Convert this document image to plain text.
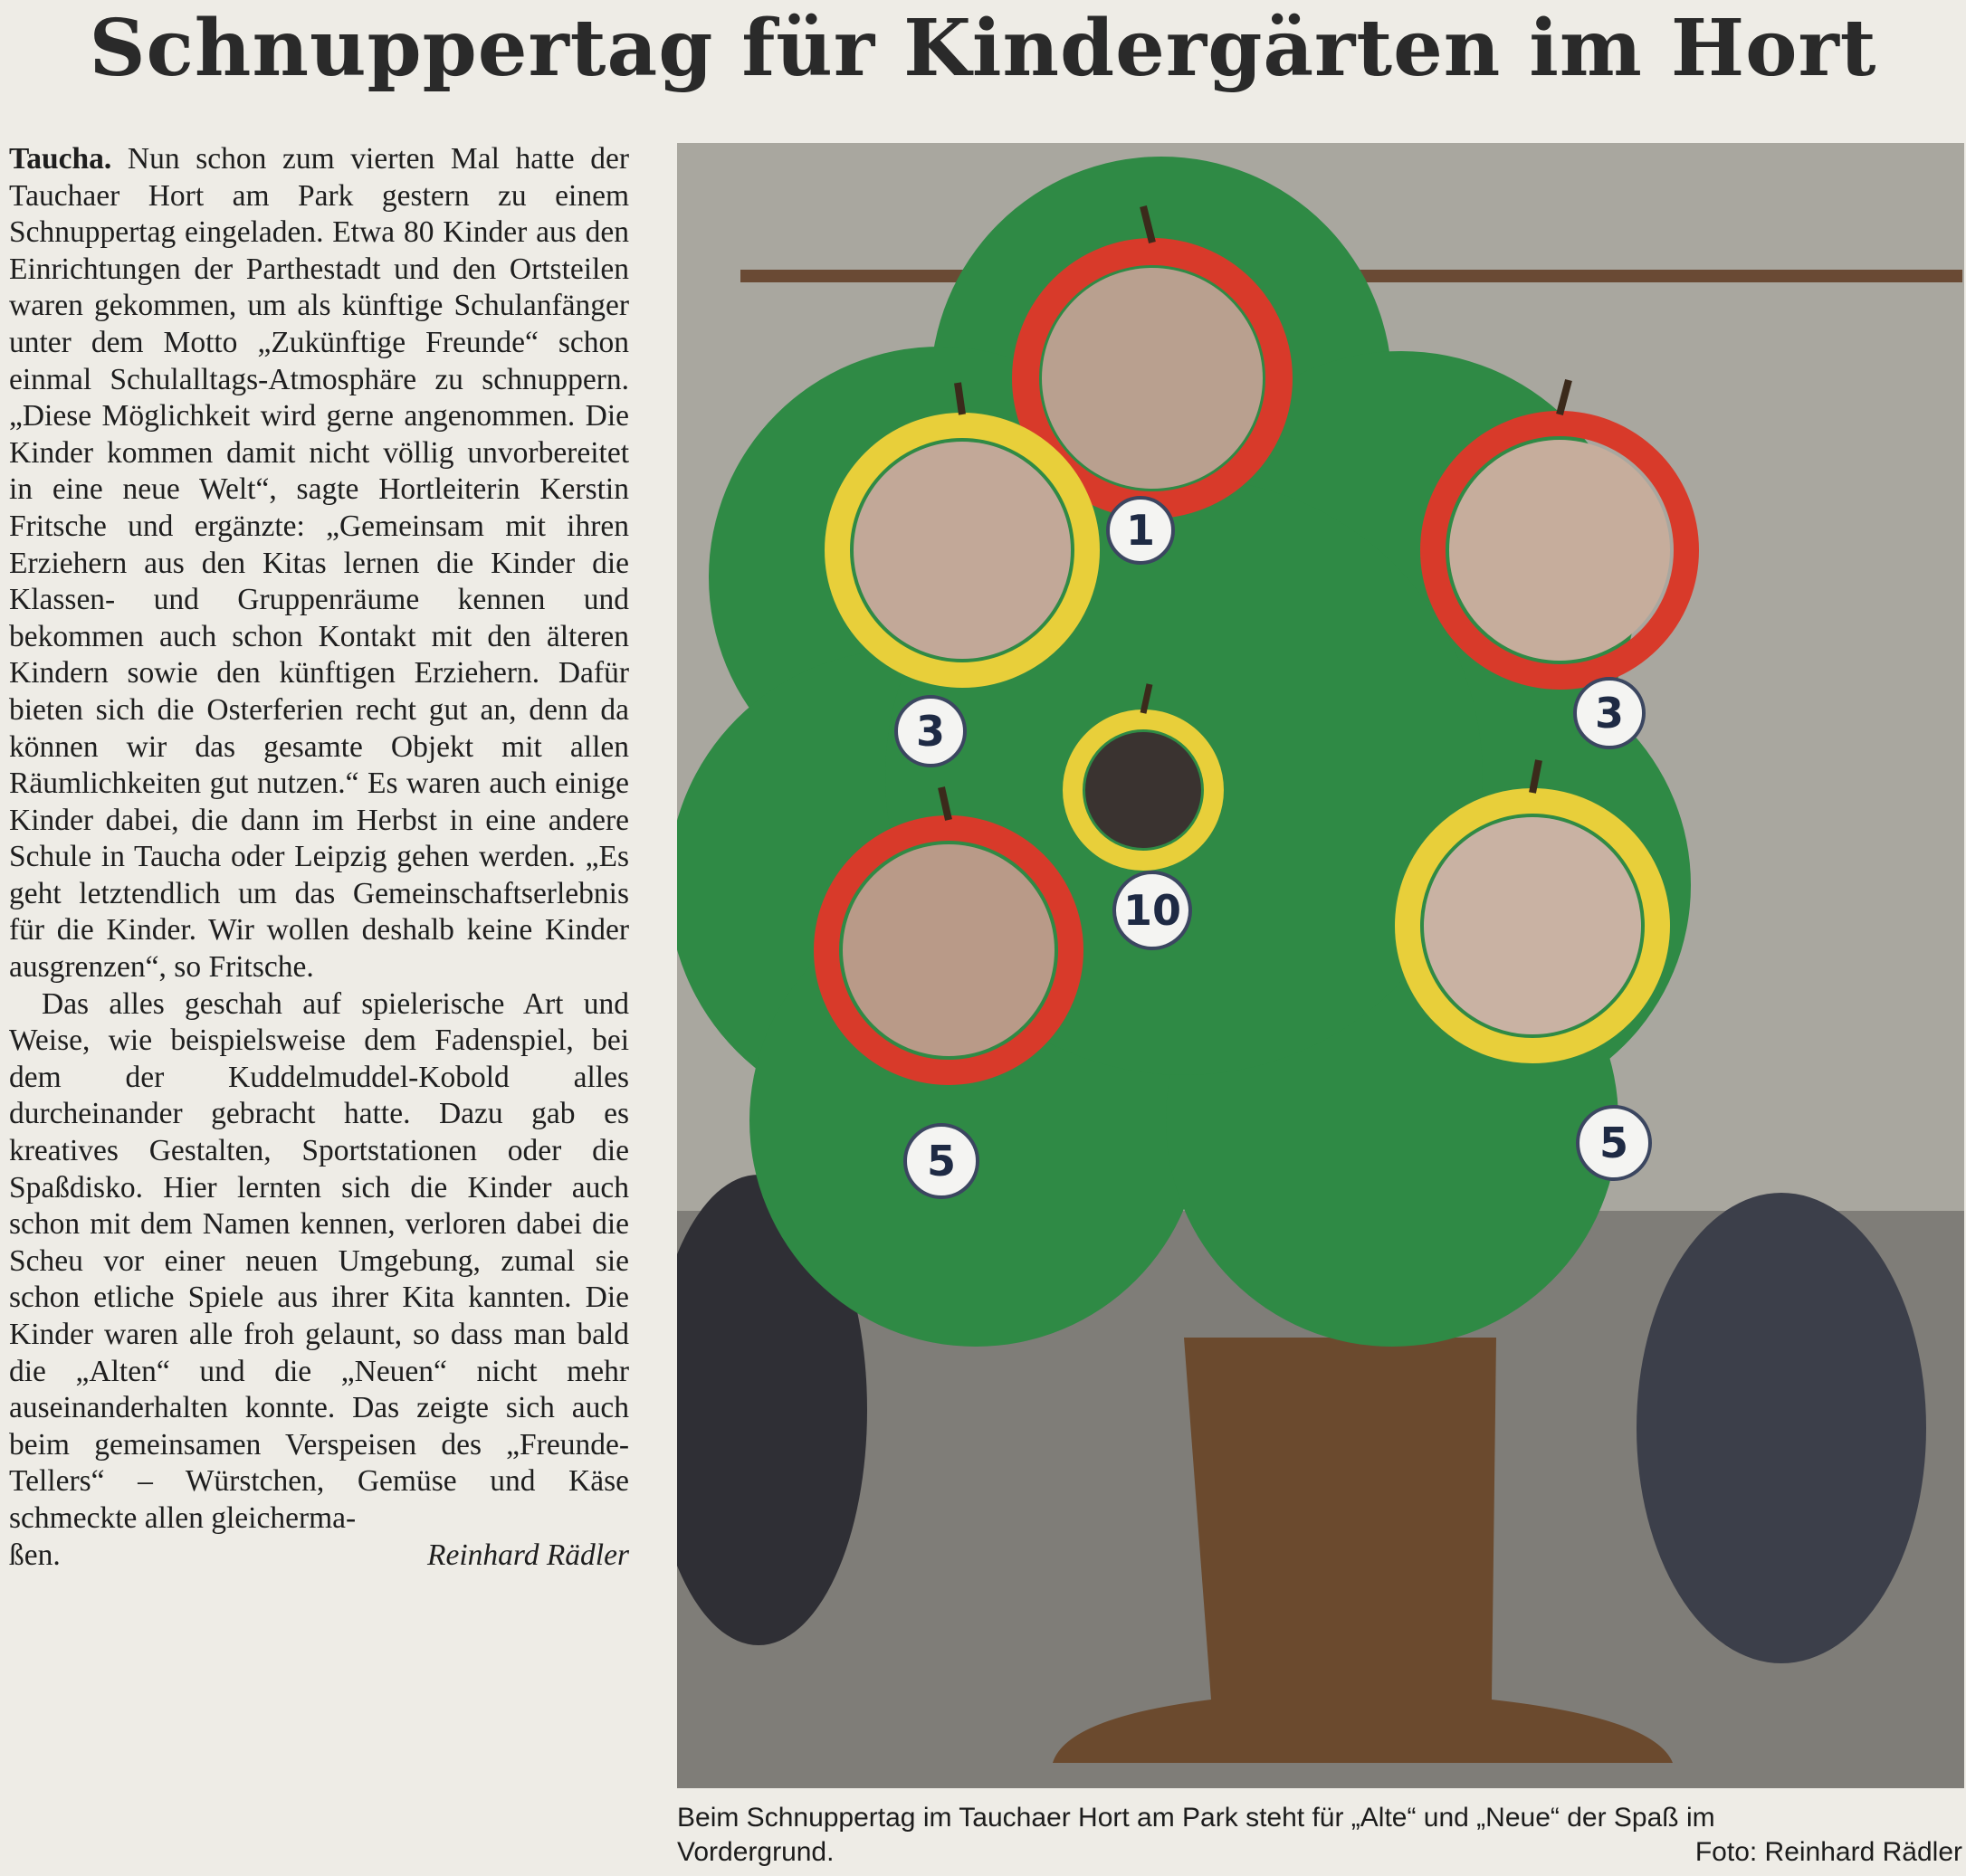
Schnuppertag für Kindergärten im Hort

Taucha. Nun schon zum vierten Mal hatte der Tauchaer Hort am Park gestern zu einem Schnuppertag eingeladen. Etwa 80 Kinder aus den Einrichtungen der Parthestadt und den Ortsteilen waren gekommen, um als künftige Schulanfänger unter dem Motto „Zukünftige Freunde“ schon einmal Schulalltags-Atmosphäre zu schnuppern. „Diese Möglichkeit wird gerne angenommen. Die Kinder kommen damit nicht völlig unvorbereitet in eine neue Welt“, sagte Hortleiterin Kerstin Fritsche und ergänzte: „Gemeinsam mit ihren Erziehern aus den Kitas lernen die Kinder die Klassen- und Gruppenräume kennen und bekommen auch schon Kontakt mit den älteren Kindern sowie den künftigen Erziehern. Dafür bieten sich die Osterferien recht gut an, denn da können wir das gesamte Objekt mit allen Räumlichkeiten gut nutzen.“ Es waren auch einige Kinder dabei, die dann im Herbst in eine andere Schule in Taucha oder Leipzig gehen werden. „Es geht letztendlich um das Gemeinschaftserlebnis für die Kinder. Wir wollen deshalb keine Kinder ausgrenzen“, so Fritsche.

Das alles geschah auf spielerische Art und Weise, wie beispielsweise dem Fadenspiel, bei dem der Kuddelmuddel-Kobold alles durcheinander gebracht hatte. Dazu gab es kreatives Gestalten, Sportstationen oder die Spaßdisko. Hier lernten sich die Kinder auch schon mit dem Namen kennen, verloren dabei die Scheu vor einer neuen Umgebung, zumal sie schon etliche Spiele aus ihrer Kita kannten. Die Kinder waren alle froh gelaunt, so dass man bald die „Alten“ und die „Neuen“ nicht mehr auseinanderhalten konnte. Das zeigte sich auch beim gemeinsamen Verspeisen des „Freunde-Tellers“ – Würstchen, Gemüse und Käse schmeckte allen gleicherma-

ßen.	Reinhard Rädler
1
3	3
10
5	5
Beim Schnuppertag im Tauchaer Hort am Park steht für „Alte“ und „Neue“ der Spaß im
Vordergrund.	Foto: Reinhard Rädler
